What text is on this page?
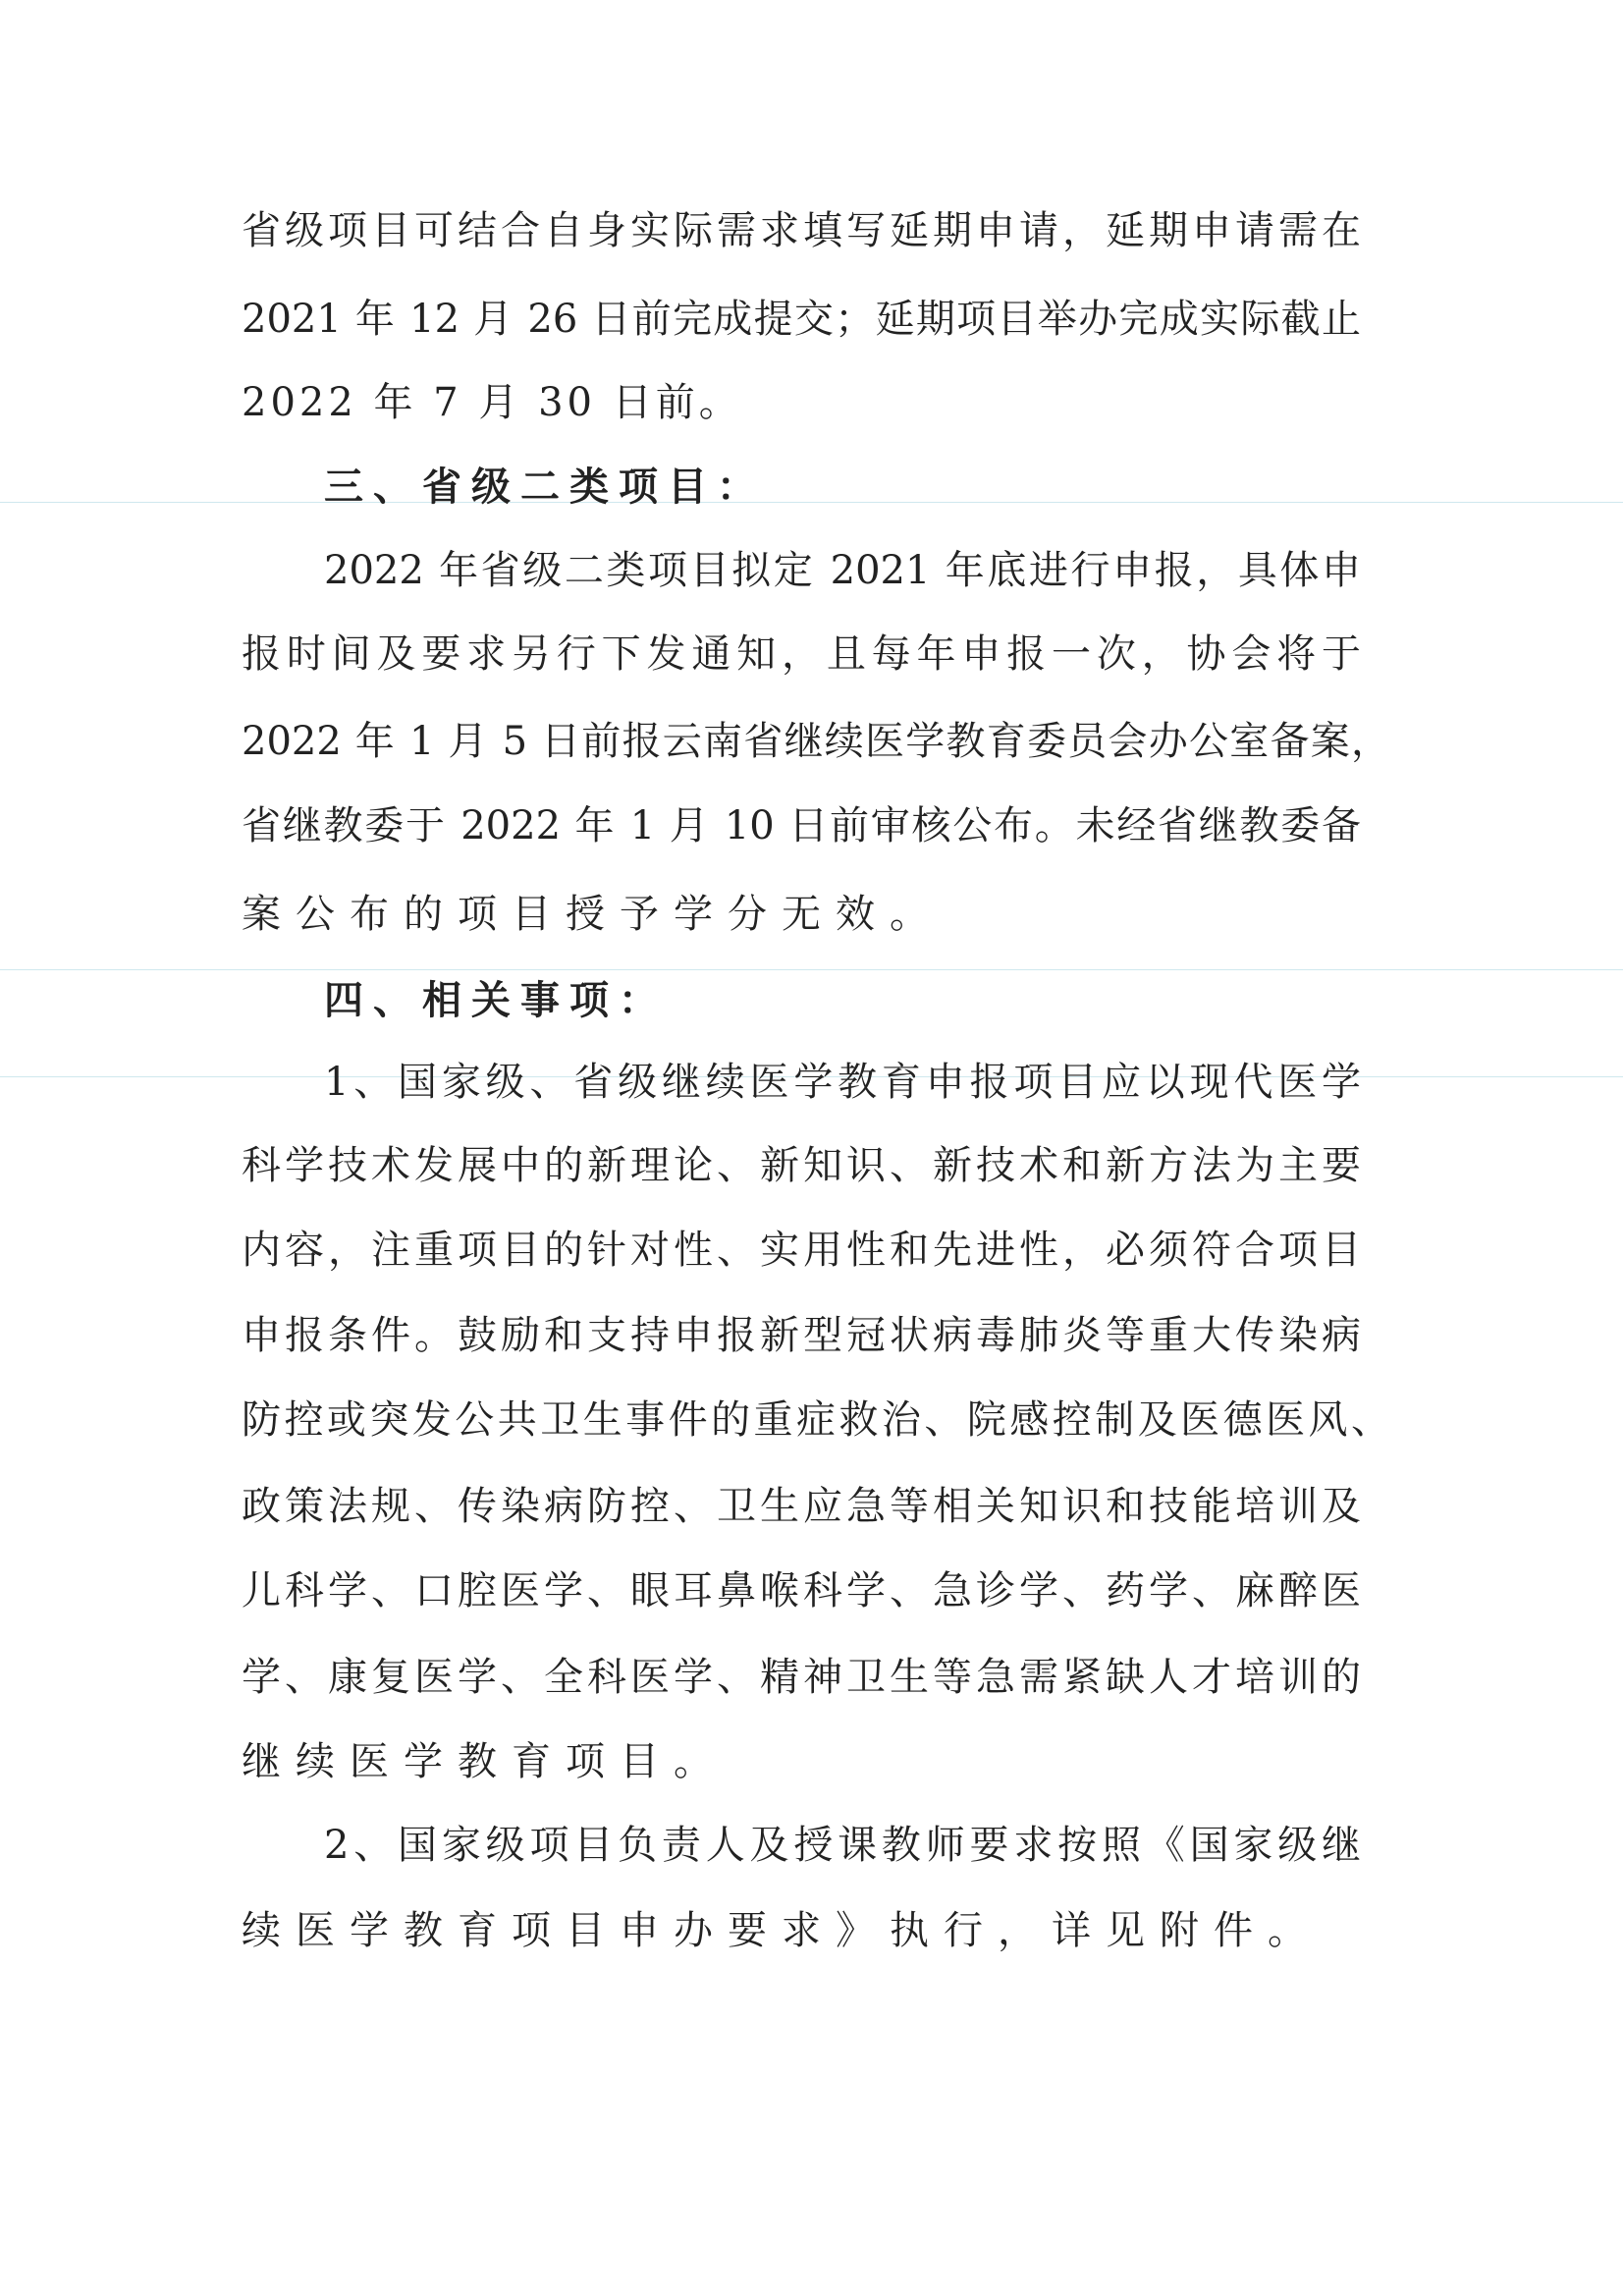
省级项目可结合自身实际需求填写延期申请，延期申请需在
2021 年 12 月 26 日前完成提交；延期项目举办完成实际截止
2022 年 7 月 30 日前。
三、省级二类项目：
2022 年省级二类项目拟定 2021 年底进行申报，具体申
报时间及要求另行下发通知，且每年申报一次，协会将于
2022 年 1 月 5 日前报云南省继续医学教育委员会办公室备案，
省继教委于 2022 年 1 月 10 日前审核公布。未经省继教委备
案公布的项目授予学分无效。
四、相关事项：
1、国家级、省级继续医学教育申报项目应以现代医学
科学技术发展中的新理论、新知识、新技术和新方法为主要
内容，注重项目的针对性、实用性和先进性，必须符合项目
申报条件。鼓励和支持申报新型冠状病毒肺炎等重大传染病
防控或突发公共卫生事件的重症救治、院感控制及医德医风、
政策法规、传染病防控、卫生应急等相关知识和技能培训及
儿科学、口腔医学、眼耳鼻喉科学、急诊学、药学、麻醉医
学、康复医学、全科医学、精神卫生等急需紧缺人才培训的
继续医学教育项目。
2、国家级项目负责人及授课教师要求按照《国家级继
续医学教育项目申办要求》执行，详见附件。
